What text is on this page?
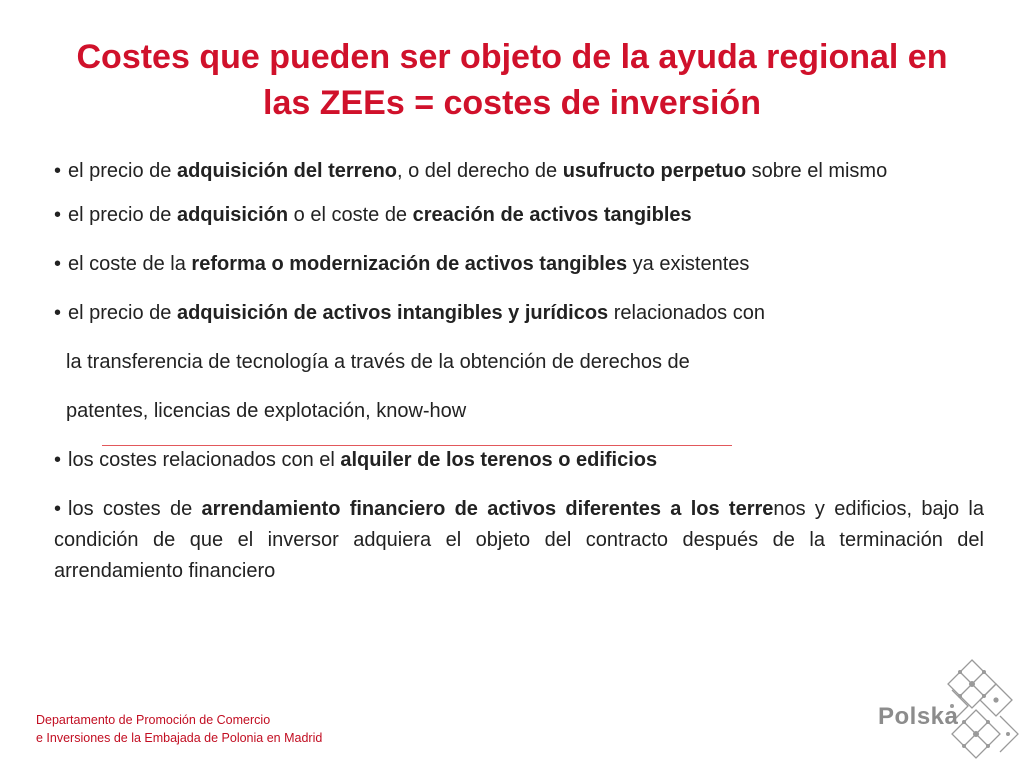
Costes que pueden ser objeto de la ayuda regional en
las ZEEs = costes de inversión
• el precio de adquisición del terreno, o del derecho de usufructo perpetuo sobre el mismo
• el precio de adquisición o el coste de creación de activos tangibles
• el coste de la reforma o modernización de activos tangibles ya existentes
• el precio de adquisición de activos intangibles y jurídicos relacionados con
la transferencia de tecnología a través de la obtención de derechos de
patentes, licencias de explotación, know-how
• los costes relacionados con el alquiler de los terenos o edificios
• los costes de arrendamiento financiero de activos diferentes a los terrenos y edificios, bajo la condición de que el inversor adquiera el objeto del contracto después de la terminación del arrendamiento financiero
Departamento de Promoción de Comercio
e Inversiones de la Embajada de Polonia en Madrid
Polska
